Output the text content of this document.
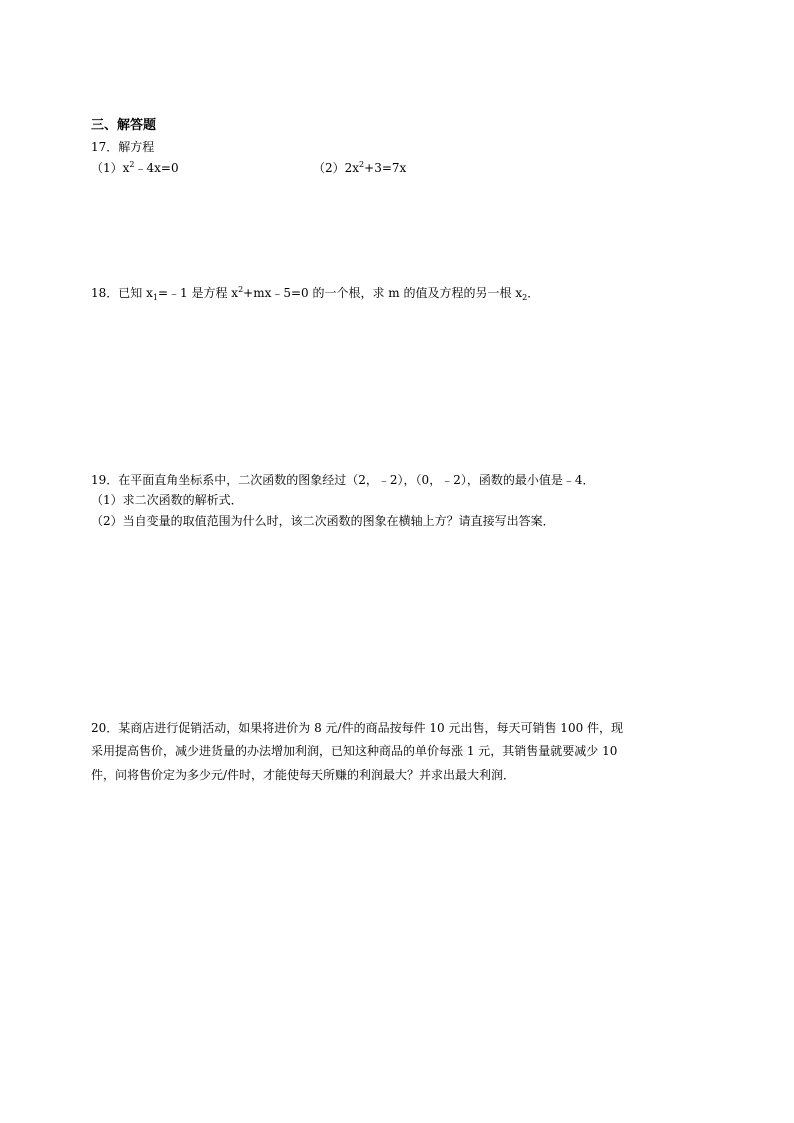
三、解答题
17．解方程
$(1)x^2﹣4x=0$	$(2)2x^2+3=7x$
18．已知 $x_1=﹣1$ 是方程 $x^2+mx﹣5=0$ 的一个根，求 m 的值及方程的另一根 $x_2$．
19．在平面直角坐标系中，二次函数的图象经过（2，﹣2），（0，﹣2），函数的最小值是﹣4．
（1）求二次函数的解析式．
（2）当自变量的取值范围为什么时，该二次函数的图象在横轴上方？请直接写出答案．
20．某商店进行促销活动，如果将进价为 8 元/件的商品按每件 10 元出售，每天可销售 100 件，现
采用提高售价，减少进货量的办法增加利润，已知这种商品的单价每涨 1 元，其销售量就要减少 10
件，问将售价定为多少元/件时，才能使每天所赚的利润最大？并求出最大利润．
